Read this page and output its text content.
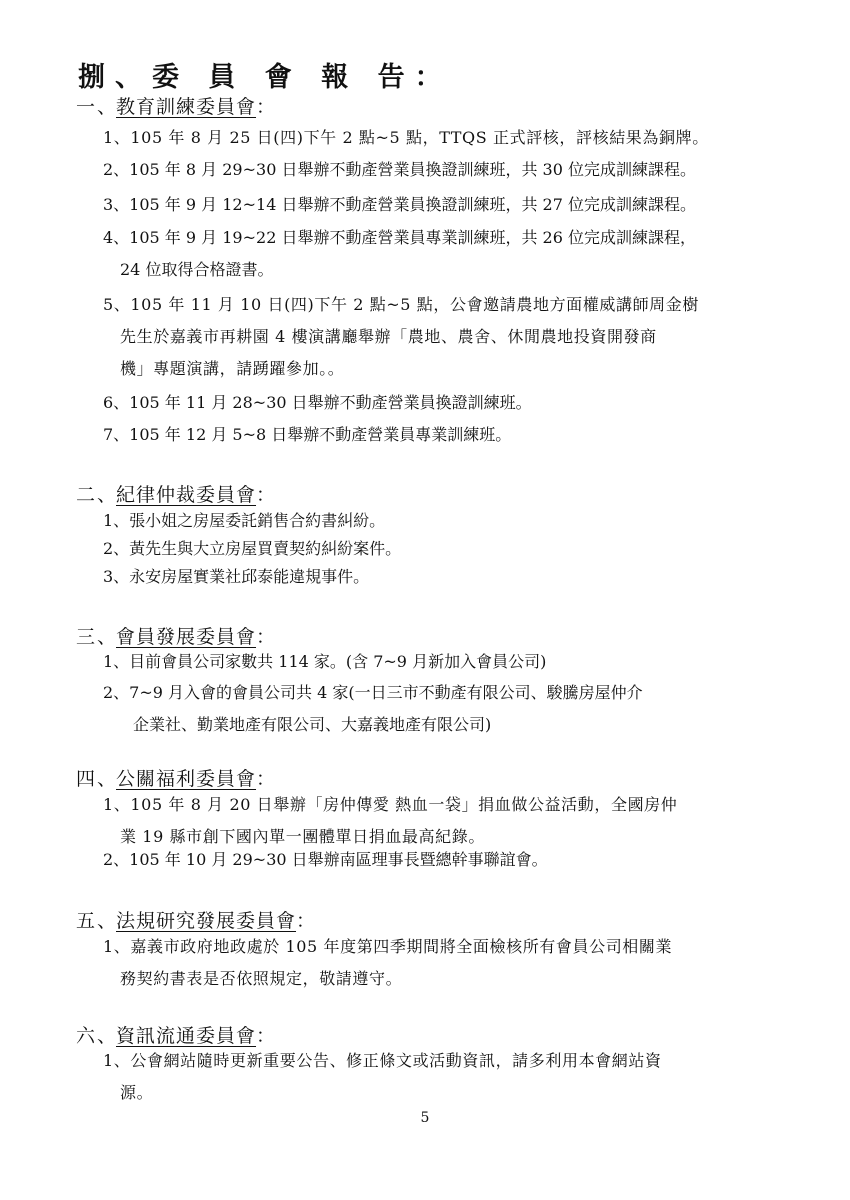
捌、委 員 會 報 告：
一、教育訓練委員會：
1、105 年 8 月 25 日(四)下午 2 點~5 點，TTQS 正式評核，評核結果為銅牌。
2、105 年 8 月 29~30 日舉辦不動產營業員換證訓練班，共 30 位完成訓練課程。
3、105 年 9 月 12~14 日舉辦不動產營業員換證訓練班，共 27 位完成訓練課程。
4、105 年 9 月 19~22 日舉辦不動產營業員專業訓練班，共 26 位完成訓練課程，
24 位取得合格證書。
5、105 年 11 月 10 日(四)下午 2 點~5 點，公會邀請農地方面權威講師周金樹
先生於嘉義市再耕園 4 樓演講廳舉辦「農地、農舍、休閒農地投資開發商
機」專題演講，請踴躍參加。。
6、105 年 11 月 28~30 日舉辦不動產營業員換證訓練班。
7、105 年 12 月 5~8 日舉辦不動產營業員專業訓練班。
二、紀律仲裁委員會：
1、張小姐之房屋委託銷售合約書糾紛。
2、黃先生與大立房屋買賣契約糾紛案件。
3、永安房屋實業社邱泰能違規事件。
三、會員發展委員會：
1、目前會員公司家數共 114 家。(含 7~9 月新加入會員公司)
2、7~9 月入會的會員公司共 4 家(一日三市不動產有限公司、駿騰房屋仲介
企業社、勤業地產有限公司、大嘉義地產有限公司)
四、公關福利委員會：
1、105 年 8 月 20 日舉辦「房仲傳愛 熱血一袋」捐血做公益活動，全國房仲
業 19 縣市創下國內單一團體單日捐血最高紀錄。
2、105 年 10 月 29~30 日舉辦南區理事長暨總幹事聯誼會。
五、法規研究發展委員會：
1、嘉義市政府地政處於 105 年度第四季期間將全面檢核所有會員公司相關業
務契約書表是否依照規定，敬請遵守。
六、資訊流通委員會：
1、公會網站隨時更新重要公告、修正條文或活動資訊，請多利用本會網站資
源。
5
